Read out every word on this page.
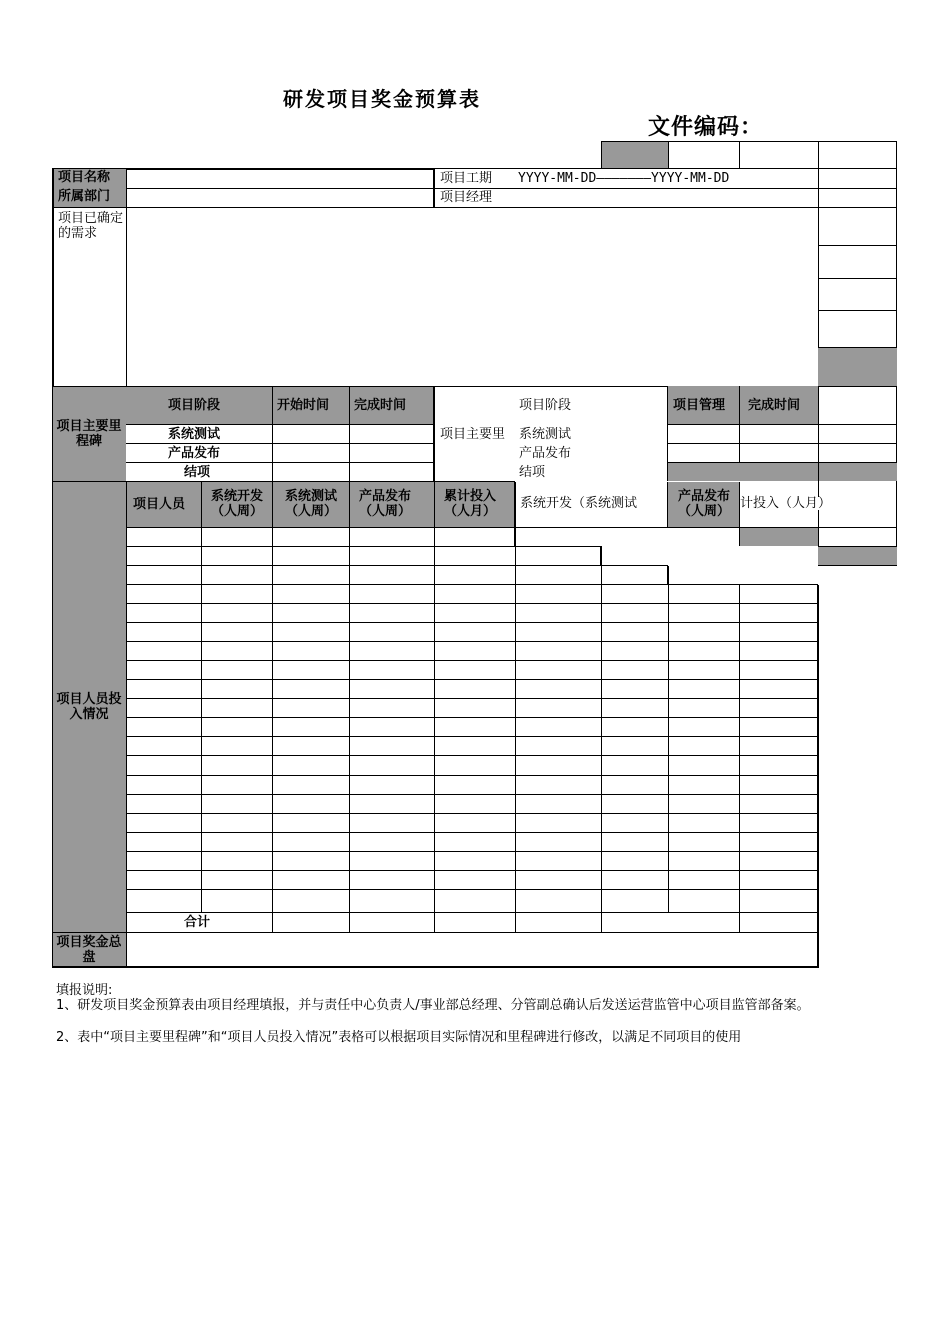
研发项目奖金预算表
文件编码：
项目名称
所属部门
项目工期 YYYY-MM-DD———————YYYY-MM-DD
项目经理
项目已确定的需求
项目主要里程碑
项目阶段	开始时间 完成时间
系统测试
产品发布
结项
项目阶段
项目主要里 系统测试
产品发布
结项
项目管理 完成时间
项目人员投入情况
项目人员
系统开发（人周）
系统测试（人周）
产品发布（人周）
累计投入（人月）
系统开发（系统测试	产品发布（人周）
计投入（人月）
合计
项目奖金总盘
填报说明:
1、研发项目奖金预算表由项目经理填报，并与责任中心负责人/事业部总经理、分管副总确认后发送运营监管中心项目监管部备案。
2、表中“项目主要里程碑”和“项目人员投入情况”表格可以根据项目实际情况和里程碑进行修改，以满足不同项目的使用
